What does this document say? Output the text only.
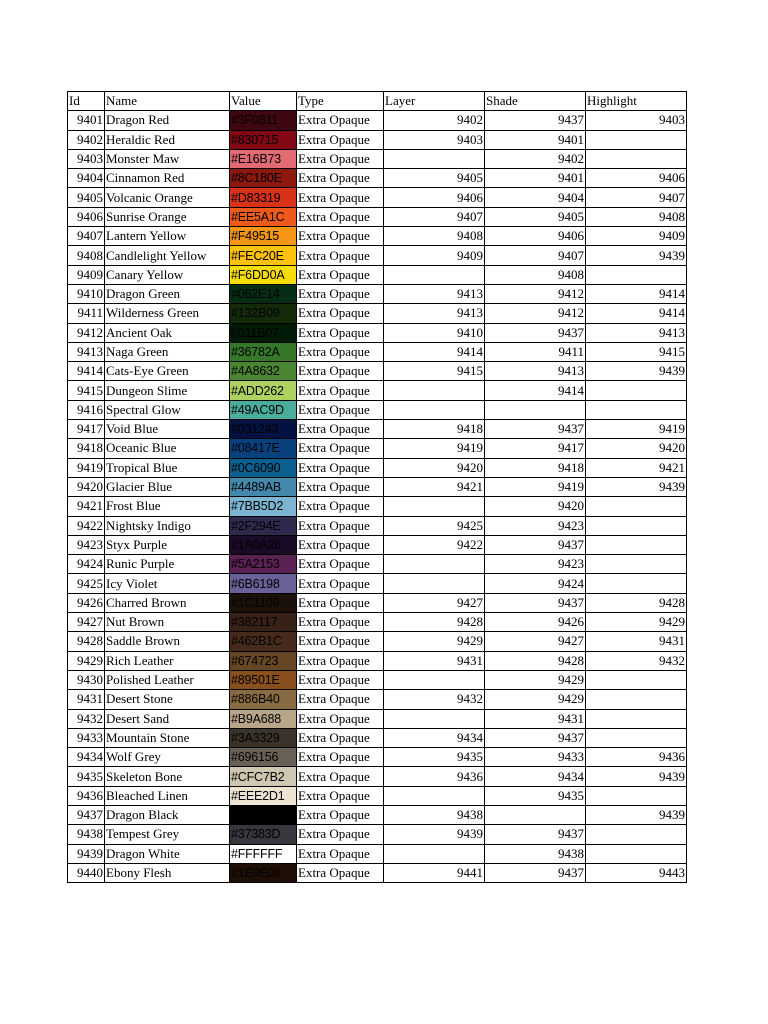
Id	Name	Value	Type	Layer	Shade	Highlight
9401	Dragon Red	#3F0811	Extra Opaque	9402	9437	9403
9402	Heraldic Red	#830715	Extra Opaque	9403	9401	
9403	Monster Maw	#E16B73	Extra Opaque		9402	
9404	Cinnamon Red	#8C180E	Extra Opaque	9405	9401	9406
9405	Volcanic Orange	#D83319	Extra Opaque	9406	9404	9407
9406	Sunrise Orange	#EE5A1C	Extra Opaque	9407	9405	9408
9407	Lantern Yellow	#F49515	Extra Opaque	9408	9406	9409
9408	Candlelight Yellow	#FEC20E	Extra Opaque	9409	9407	9439
9409	Canary Yellow	#F6DD0A	Extra Opaque		9408	
9410	Dragon Green	#062E14	Extra Opaque	9413	9412	9414
9411	Wilderness Green	#132B09	Extra Opaque	9413	9412	9414
9412	Ancient Oak	#011B07	Extra Opaque	9410	9437	9413
9413	Naga Green	#36782A	Extra Opaque	9414	9411	9415
9414	Cats-Eye Green	#4A8632	Extra Opaque	9415	9413	9439
9415	Dungeon Slime	#ADD262	Extra Opaque		9414	
9416	Spectral Glow	#49AC9D	Extra Opaque			
9417	Void Blue	#031243	Extra Opaque	9418	9437	9419
9418	Oceanic Blue	#08417E	Extra Opaque	9419	9417	9420
9419	Tropical Blue	#0C6090	Extra Opaque	9420	9418	9421
9420	Glacier Blue	#4489AB	Extra Opaque	9421	9419	9439
9421	Frost Blue	#7BB5D2	Extra Opaque		9420	
9422	Nightsky Indigo	#2F294E	Extra Opaque	9425	9423	
9423	Styx Purple	#1A0A26	Extra Opaque	9422	9437	
9424	Runic Purple	#5A2153	Extra Opaque		9423	
9425	Icy Violet	#6B6198	Extra Opaque		9424	
9426	Charred Brown	#1C1109	Extra Opaque	9427	9437	9428
9427	Nut Brown	#382117	Extra Opaque	9428	9426	9429
9428	Saddle Brown	#462B1C	Extra Opaque	9429	9427	9431
9429	Rich Leather	#674723	Extra Opaque	9431	9428	9432
9430	Polished Leather	#89501E	Extra Opaque		9429	
9431	Desert Stone	#886B40	Extra Opaque	9432	9429	
9432	Desert Sand	#B9A688	Extra Opaque		9431	
9433	Mountain Stone	#3A3329	Extra Opaque	9434	9437	
9434	Wolf Grey	#696156	Extra Opaque	9435	9433	9436
9435	Skeleton Bone	#CFC7B2	Extra Opaque	9436	9434	9439
9436	Bleached Linen	#EEE2D1	Extra Opaque		9435	
9437	Dragon Black	#000000	Extra Opaque	9438		9439
9438	Tempest Grey	#37383D	Extra Opaque	9439	9437	
9439	Dragon White	#FFFFFF	Extra Opaque		9438	
9440	Ebony Flesh	#1E0E06	Extra Opaque	9441	9437	9443
